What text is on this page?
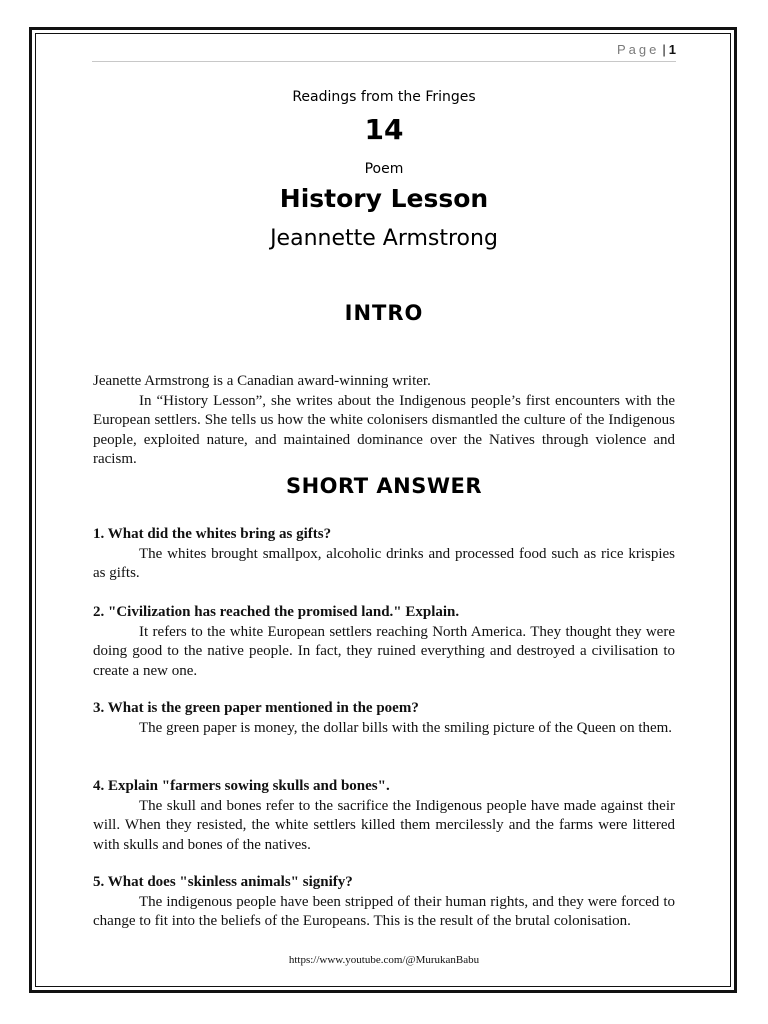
Page | 1
Readings from the Fringes
14
Poem
History Lesson
Jeannette Armstrong
INTRO

Jeanette Armstrong is a Canadian award-winning writer.

In “History Lesson”, she writes about the Indigenous people’s first encounters with the European settlers. She tells us how the white colonisers dismantled the culture of the Indigenous people, exploited nature, and maintained dominance over the Natives through violence and racism.

SHORT ANSWER

1. What did the whites bring as gifts?

The whites brought smallpox, alcoholic drinks and processed food such as rice krispies as gifts.

2. "Civilization has reached the promised land." Explain.

It refers to the white European settlers reaching North America. They thought they were doing good to the native people. In fact, they ruined everything and destroyed a civilisation to create a new one.

3. What is the green paper mentioned in the poem?

The green paper is money, the dollar bills with the smiling picture of the Queen on them.

4. Explain "farmers sowing skulls and bones".

The skull and bones refer to the sacrifice the Indigenous people have made against their will. When they resisted, the white settlers killed them mercilessly and the farms were littered with skulls and bones of the natives.

5. What does "skinless animals" signify?

The indigenous people have been stripped of their human rights, and they were forced to change to fit into the beliefs of the Europeans. This is the result of the brutal colonisation.

https://www.youtube.com/@MurukanBabu
